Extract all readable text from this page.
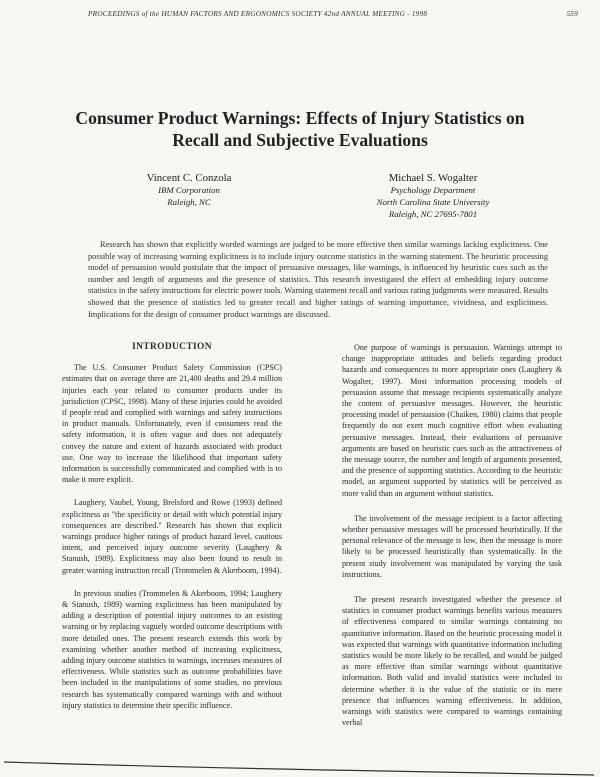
PROCEEDINGS of the HUMAN FACTORS AND ERGONOMICS SOCIETY 42nd ANNUAL MEETING - 1998	559
Consumer Product Warnings: Effects of Injury Statistics on Recall and Subjective Evaluations
Vincent C. Conzola
IBM Corporation
Raleigh, NC
Michael S. Wogalter
Psychology Department
North Carolina State University
Raleigh, NC 27695-7801
Research has shown that explicitly worded warnings are judged to be more effective then similar warnings lacking explicitness. One possible way of increasing warning explicitness is to include injury outcome statistics in the warning statement. The heuristic processing model of persuasion would postulate that the impact of persuasive messages, like warnings, is influenced by heuristic cues such as the number and length of arguments and the presence of statistics. This research investigated the effect of embedding injury outcome statistics in the safety instructions for electric power tools. Warning statement recall and various rating judgments were measured. Results showed that the presence of statistics led to greater recall and higher ratings of warning importance, vividness, and explicitness. Implications for the design of consumer product warnings are discussed.
INTRODUCTION

The U.S. Consumer Product Safety Commission (CPSC) estimates that on average there are 21,400 deaths and 29.4 million injuries each year related to consumer products under its jurisdiction (CPSC, 1998). Many of these injuries could be avoided if people read and complied with warnings and safety instructions in product manuals. Unfortunately, even if consumers read the safety information, it is often vague and does not adequately convey the nature and extent of hazards associated with product use. One way to increase the likelihood that important safety information is successfully communicated and complied with is to make it more explicit.

Laughery, Vaubel, Young, Brelsford and Rowe (1993) defined explicitness as "the specificity or detail with which potential injury consequences are described." Research has shown that explicit warnings produce higher ratings of product hazard level, cautious intent, and perceived injury outcome severity (Laughery & Stanush, 1989). Explicitness may also been found to result in greater warning instruction recall (Trommelen & Akerboom, 1994).

In previous studies (Trommelen & Akerboom, 1994; Laughery & Stanush, 1989) warning explicitness has been manipulated by adding a description of potential injury outcomes to an existing warning or by replacing vaguely worded outcome descriptions with more detailed ones. The present research extends this work by examining whether another method of increasing explicitness, adding injury outcome statistics to warnings, increases measures of effectiveness. While statistics such as outcome probabilities have been included in the manipulations of some studies, no previous research has systematically compared warnings with and without injury statistics to determine their specific influence.

One purpose of warnings is persuasion. Warnings attempt to change inappropriate attitudes and beliefs regarding product hazards and consequences to more appropriate ones (Laughery & Wogalter, 1997). Most information processing models of persuasion assume that message recipients systematically analyze the content of persuasive messages. However, the heuristic processing model of persuasion (Chaiken, 1980) claims that people frequently do not exert much cognitive effort when evaluating persuasive messages. Instead, their evaluations of persuasive arguments are based on heuristic cues such as the attractiveness of the message source, the number and length of arguments presented, and the presence of supporting statistics. According to the heuristic model, an argument supported by statistics will be perceived as more valid than an argument without statistics.

The involvement of the message recipient is a factor affecting whether persuasive messages will be processed heuristically. If the personal relevance of the message is low, then the message is more likely to be processed heuristically than systematically. In the present study involvement was manipulated by varying the task instructions.

The present research investigated whether the presence of statistics in consumer product warnings benefits various measures of effectiveness compared to similar warnings containing no quantitative information. Based on the heuristic processing model it was expected that warnings with quantitative information including statistics would be more likely to be recalled, and would be judged as more effective than similar warnings without quantitative information. Both valid and invalid statistics were included to determine whether it is the value of the statistic or its mere presence that influences warning effectiveness. In addition, warnings with statistics were compared to warnings containing verbal
